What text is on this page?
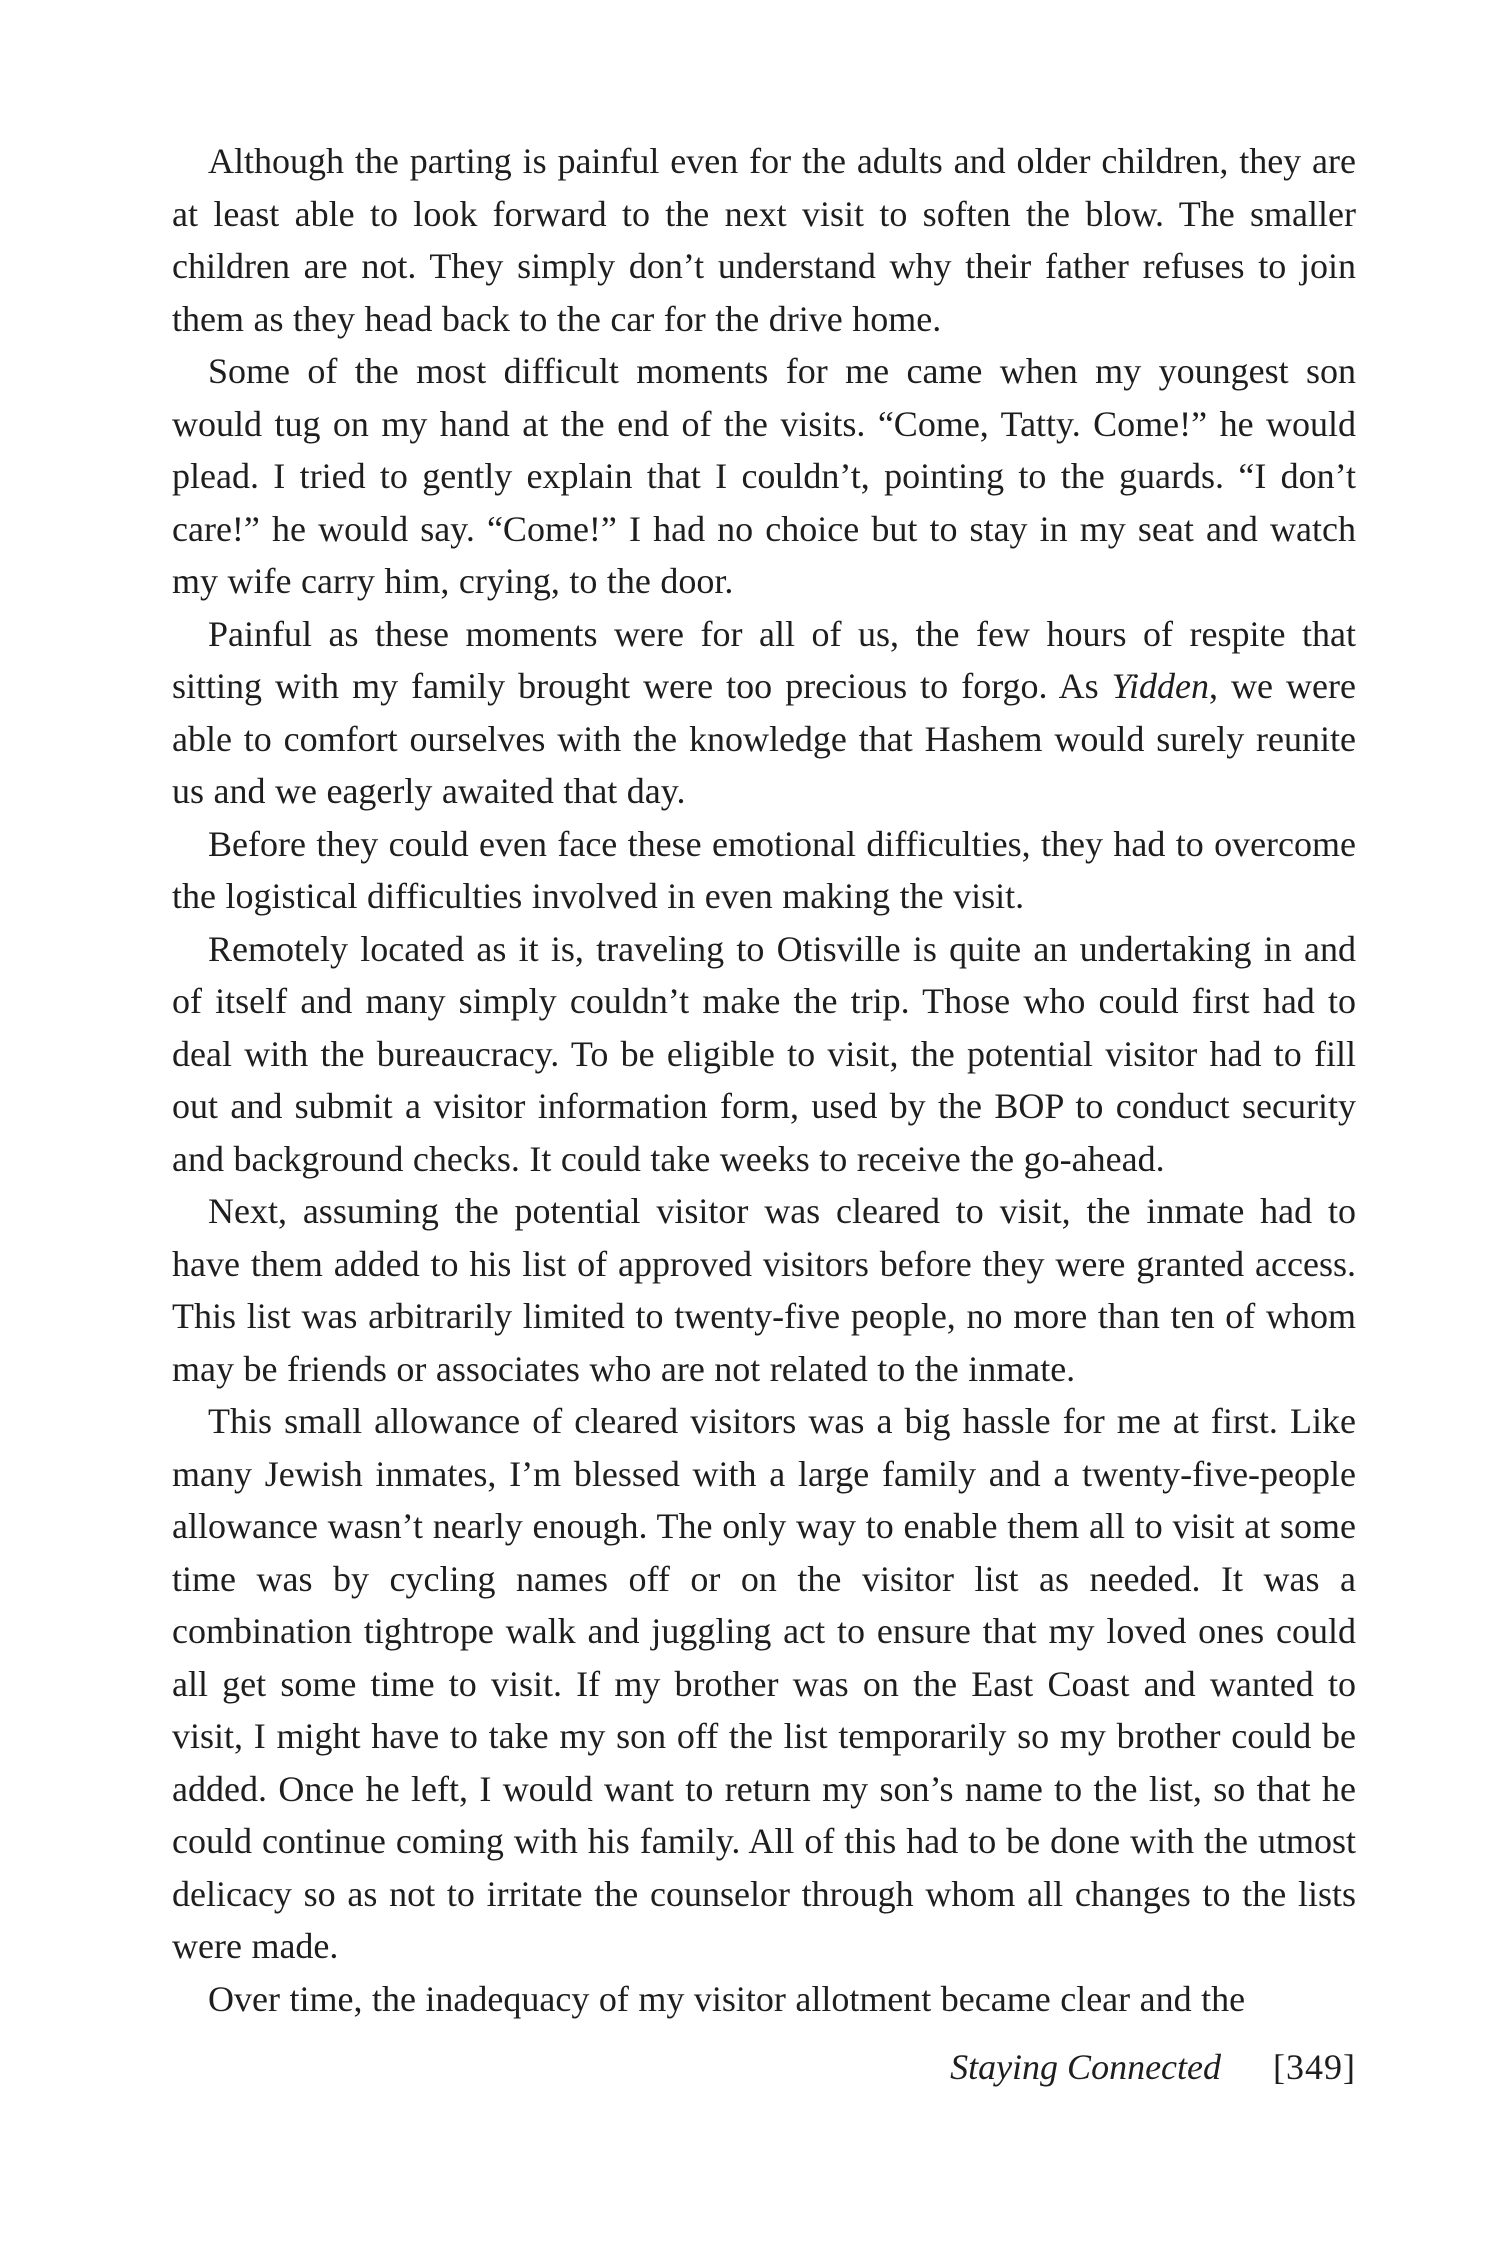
Although the parting is painful even for the adults and older children, they are at least able to look forward to the next visit to soften the blow. The smaller children are not. They simply don’t understand why their father refuses to join them as they head back to the car for the drive home.

Some of the most difficult moments for me came when my youngest son would tug on my hand at the end of the visits. “Come, Tatty. Come!” he would plead. I tried to gently explain that I couldn’t, pointing to the guards. “I don’t care!” he would say. “Come!” I had no choice but to stay in my seat and watch my wife carry him, crying, to the door.

Painful as these moments were for all of us, the few hours of respite that sitting with my family brought were too precious to forgo. As Yidden, we were able to comfort ourselves with the knowledge that Hashem would surely reunite us and we eagerly awaited that day.

Before they could even face these emotional difficulties, they had to overcome the logistical difficulties involved in even making the visit.

Remotely located as it is, traveling to Otisville is quite an undertaking in and of itself and many simply couldn’t make the trip. Those who could first had to deal with the bureaucracy. To be eligible to visit, the potential visitor had to fill out and submit a visitor information form, used by the BOP to conduct security and background checks. It could take weeks to receive the go-ahead.

Next, assuming the potential visitor was cleared to visit, the inmate had to have them added to his list of approved visitors before they were granted access. This list was arbitrarily limited to twenty-five people, no more than ten of whom may be friends or associates who are not related to the inmate.

This small allowance of cleared visitors was a big hassle for me at first. Like many Jewish inmates, I’m blessed with a large family and a twenty-five-people allowance wasn’t nearly enough. The only way to enable them all to visit at some time was by cycling names off or on the visitor list as needed. It was a combination tightrope walk and juggling act to ensure that my loved ones could all get some time to visit. If my brother was on the East Coast and wanted to visit, I might have to take my son off the list temporarily so my brother could be added. Once he left, I would want to return my son’s name to the list, so that he could continue coming with his family. All of this had to be done with the utmost delicacy so as not to irritate the counselor through whom all changes to the lists were made.

Over time, the inadequacy of my visitor allotment became clear and the

Staying Connected [349]
